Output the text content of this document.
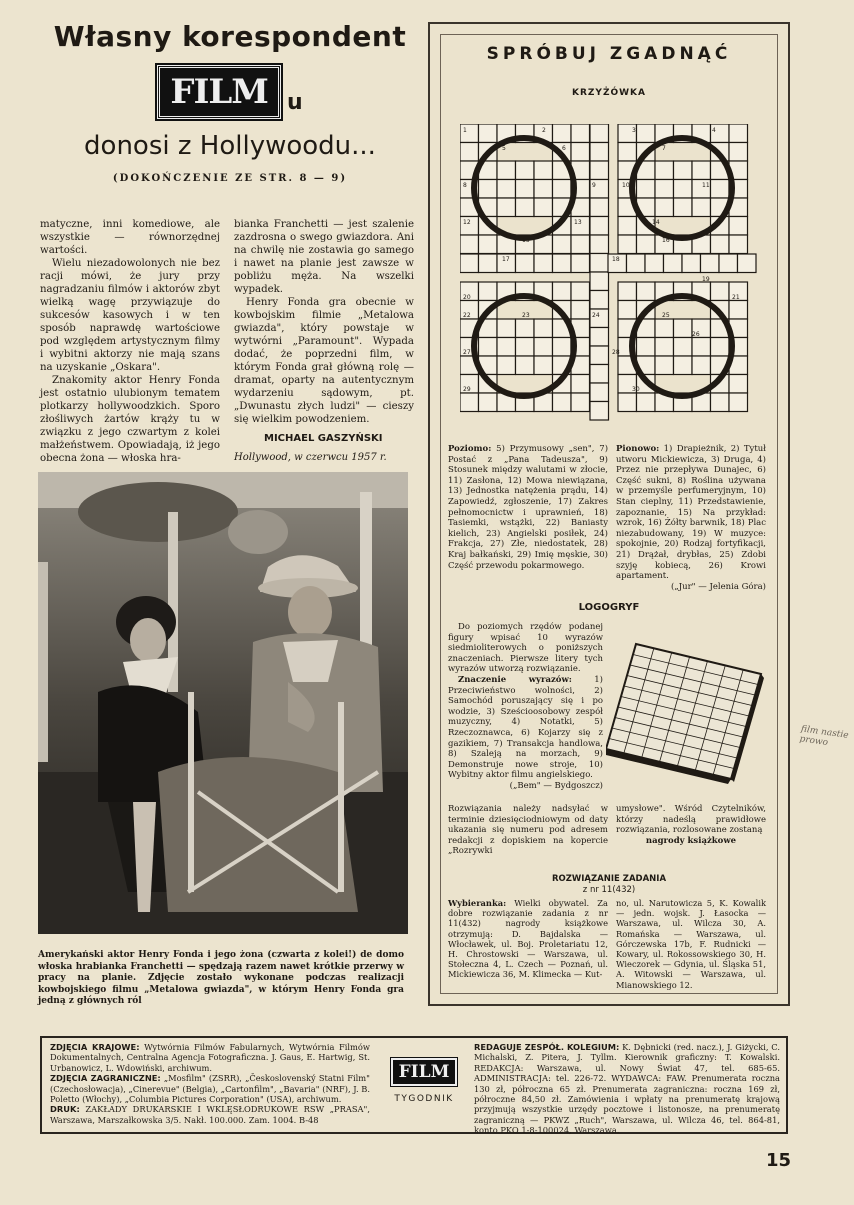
Własny korespondent
FILM u
donosi z Hollywoodu...
(DOKOŃCZENIE ZE STR. 8 — 9)

matyczne, inni komediowe, ale wszystkie — równorzędnej wartości.

Wielu niezadowolonych nie bez racji mówi, że jury przy nagradzaniu filmów i aktorów zbyt wielką wagę przywiązuje do sukcesów kasowych i w ten sposób naprawdę wartościowe pod względem artystycznym filmy i wybitni aktorzy nie mają szans na uzyskanie „Oskara".

Znakomity aktor Henry Fonda jest ostatnio ulubionym tematem plotkarzy hollywoodzkich. Sporo złośliwych żartów krąży tu w związku z jego czwartym z kolei małżeństwem. Opowiadają, iż jego obecna żona — włoska hra-

bianka Franchetti — jest szalenie zazdrosna o swego gwiazdora. Ani na chwilę nie zostawia go samego i nawet na planie jest zawsze w pobliżu męża. Na wszelki wypadek.

Henry Fonda gra obecnie w kowbojskim filmie „Metalowa gwiazda", który powstaje w wytwórni „Paramount". Wypada dodać, że poprzedni film, w którym Fonda grał główną rolę — dramat, oparty na autentycznym wydarzeniu sądowym, pt. „Dwunastu złych ludzi" — cieszy się wielkim powodzeniem.

MICHAEL GASZYŃSKI

Hollywood, w czerwcu 1957 r.

Amerykański aktor Henry Fonda i jego żona (czwarta z kolei!) de domo włoska hrabianka Franchetti — spędzają razem nawet krótkie przerwy w pracy na planie. Zdjęcie zostało wykonane podczas realizacji kowbojskiego filmu „Metalowa gwiazda", w którym Henry Fonda gra jedną z głównych ról
SPRÓBUJ ZGADNĄĆ
KRZYŻÓWKA
1	2	3	4
5	6	7
8	9	10	11
12	13	14
15	16
17	18
19
20	21
22	23	24	25
26
27	28
29	30
Poziomo: 5) Przymusowy „sen", 7) Postać z „Pana Tadeusza", 9) Stosunek między walutami w złocie, 11) Zasłona, 12) Mowa niewiązana, 13) Jednostka natężenia prądu, 14) Zapowiedź, zgłoszenie, 17) Zakres pełnomocnictw i uprawnień, 18) Tasiemki, wstążki, 22) Baniasty kielich, 23) Angielski posiłek, 24) Frakcja, 27) Złe, niedostatek, 28) Kraj bałkański, 29) Imię męskie, 30) Część przewodu pokarmowego.
Pionowo: 1) Drapieżnik, 2) Tytuł utworu Mickiewicza, 3) Druga, 4) Przez nie przepływa Dunajec, 6) Część sukni, 8) Roślina używana w przemyśle perfumeryjnym, 10) Stan cieplny, 11) Przedstawienie, zapoznanie, 15) Na przykład: wzrok, 16) Żółty barwnik, 18) Plac niezabudowany, 19) W muzyce: spokojnie, 20) Rodzaj fortyfikacji, 21) Drążał, drybłas, 25) Zdobi szyję kobiecą, 26) Krowi apartament.
(„Jur" — Jelenia Góra)
LOGOGRYF

Do poziomych rzędów podanej figury wpisać 10 wyrazów siedmioliterowych o poniższych znaczeniach. Pierwsze litery tych wyrazów utworzą rozwiązanie.

Znaczenie wyrazów:	1) Przeciwieństwo wolności, 2) Samochód poruszający się i po wodzie, 3) Sześcioosobowy zespół muzyczny, 4) Notatki, 5) Rzeczoznawca, 6) Kojarzy się z gazikiem, 7) Transakcja handlowa, 8) Szaleją na morzach, 9) Demonstruje nowe stroje, 10) Wybitny aktor filmu angielskiego.

(„Bem" — Bydgoszcz)
Rozwiązania należy nadsyłać w terminie dziesięciodniowym od daty ukazania się numeru pod adresem redakcji z dopiskiem na kopercie „Rozrywki
umysłowe". Wśród Czytelników, którzy nadeślą prawidłowe rozwiązania, rozlosowane zostaną
nagrody książkowe
ROZWIĄZANIE ZADANIA
z nr 11(432)
Wybieranka: Wielki obywatel. Za dobre rozwiązanie zadania z nr 11(432) nagrody książkowe otrzymują: D. Bajdalska — Włocławek, ul. Boj. Proletariatu 12, H. Chrostowski — Warszawa, ul. Stołeczna 4, L. Czech — Poznań, ul. Mickiewicza 36, M. Klimecka — Kut-
no, ul. Narutowicza 5, K. Kowalik — jedn. wojsk. J. Łasocka — Warszawa, ul. Wilcza 30, A. Romańska — Warszawa, ul. Górczewska 17b, F. Rudnicki — Kowary, ul. Rokossowskiego 30, H. Wieczorek — Gdynia, ul. Śląska 51, A. Witowski — Warszawa, ul. Mianowskiego 12.
film nastie prowo
ZDJĘCIA KRAJOWE: Wytwórnia Filmów Fabularnych, Wytwórnia Filmów Dokumentalnych, Centralna Agencja Fotograficzna. J. Gaus, E. Hartwig, St. Urbanowicz, L. Wdowiński, archiwum.
ZDJĘCIA ZAGRANICZNE: „Mosfilm" (ZSRR), „Československý Statni Film" (Czechosłowacja), „Cinerevue" (Belgia), „Cartonfilm", „Bavaria" (NRF), J. B. Poletto (Włochy), „Columbia Pictures Corporation" (USA), archiwum.
DRUK: ZAKŁADY DRUKARSKIE I WKLĘSŁODRUKOWE RSW „PRASA", Warszawa, Marszałkowska 3/5. Nakł. 100.000. Zam. 1004. B-48
FILM
TYGODNIK
REDAGUJE ZESPÓŁ. KOLEGIUM: K. Dębnicki (red. nacz.), J. Giżycki, C. Michalski, Z. Pitera, J. Tyllm. Kierownik graficzny: T. Kowalski. REDAKCJA: Warszawa, ul. Nowy Świat 47, tel. 685-65. ADMINISTRACJA: tel. 226-72. WYDAWCA: FAW. Prenumerata roczna 130 zł, półroczna 65 zł. Prenumerata zagraniczna: roczna 169 zł, półroczne 84,50 zł. Zamówienia i wpłaty na prenumeratę krajową przyjmują wszystkie urzędy pocztowe i listonosze, na prenumeratę zagraniczną — PKWZ „Ruch", Warszawa, ul. Wilcza 46, tel. 864-81, konto PKO 1-8-100024, Warszawa.
15
